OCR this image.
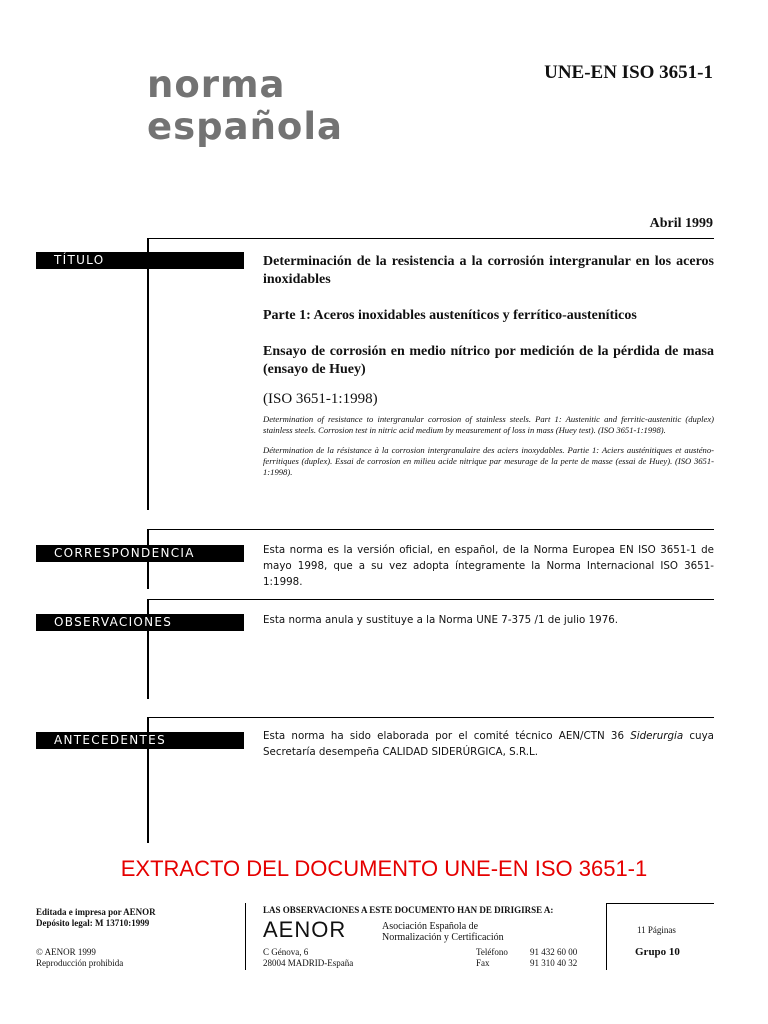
norma
española
UNE-EN ISO 3651-1
Abril 1999
TÍTULO
CORRESPONDENCIA
OBSERVACIONES
ANTECEDENTES

Determinación de la resistencia a la corrosión intergranular en los aceros inoxidables

Parte 1: Aceros inoxidables austeníticos y ferrítico-austeníticos

Ensayo de corrosión en medio nítrico por medición de la pérdida de masa (ensayo de Huey)

(ISO 3651-1:1998)

Determination of resistance to intergranular corrosion of stainless steels. Part 1: Austenitic and ferritic-austenitic (duplex) stainless steels. Corrosion test in nitric acid medium by measurement of loss in mass (Huey test). (ISO 3651-1:1998).

Détermination de la résistance à la corrosion intergranulaire des aciers inoxydables. Partie 1: Aciers austénitiques et austéno-ferritiques (duplex). Essai de corrosion en milieu acide nitrique par mesurage de la perte de masse (essai de Huey). (ISO 3651-1:1998).

Esta norma es la versión oficial, en español, de la Norma Europea EN ISO 3651-1 de mayo 1998, que a su vez adopta íntegramente la Norma Internacional ISO 3651-1:1998.

Esta norma anula y sustituye a la Norma UNE 7-375 /1 de julio 1976.

Esta norma ha sido elaborada por el comité técnico AEN/CTN 36 Siderurgia cuya Secretaría desempeña CALIDAD SIDERÚRGICA, S.R.L.

EXTRACTO DEL DOCUMENTO UNE-EN ISO 3651-1
Editada e impresa por AENOR
Depósito legal: M 13710:1999
© AENOR 1999
Reproducción prohibida
LAS OBSERVACIONES A ESTE DOCUMENTO HAN DE DIRIGIRSE A:
AENOR	Asociación Española de
Normalización y Certificación
C Génova, 6
28004 MADRID-España
Teléfono
Fax
91 432 60 00
91 310 40 32
11 Páginas
Grupo 10
